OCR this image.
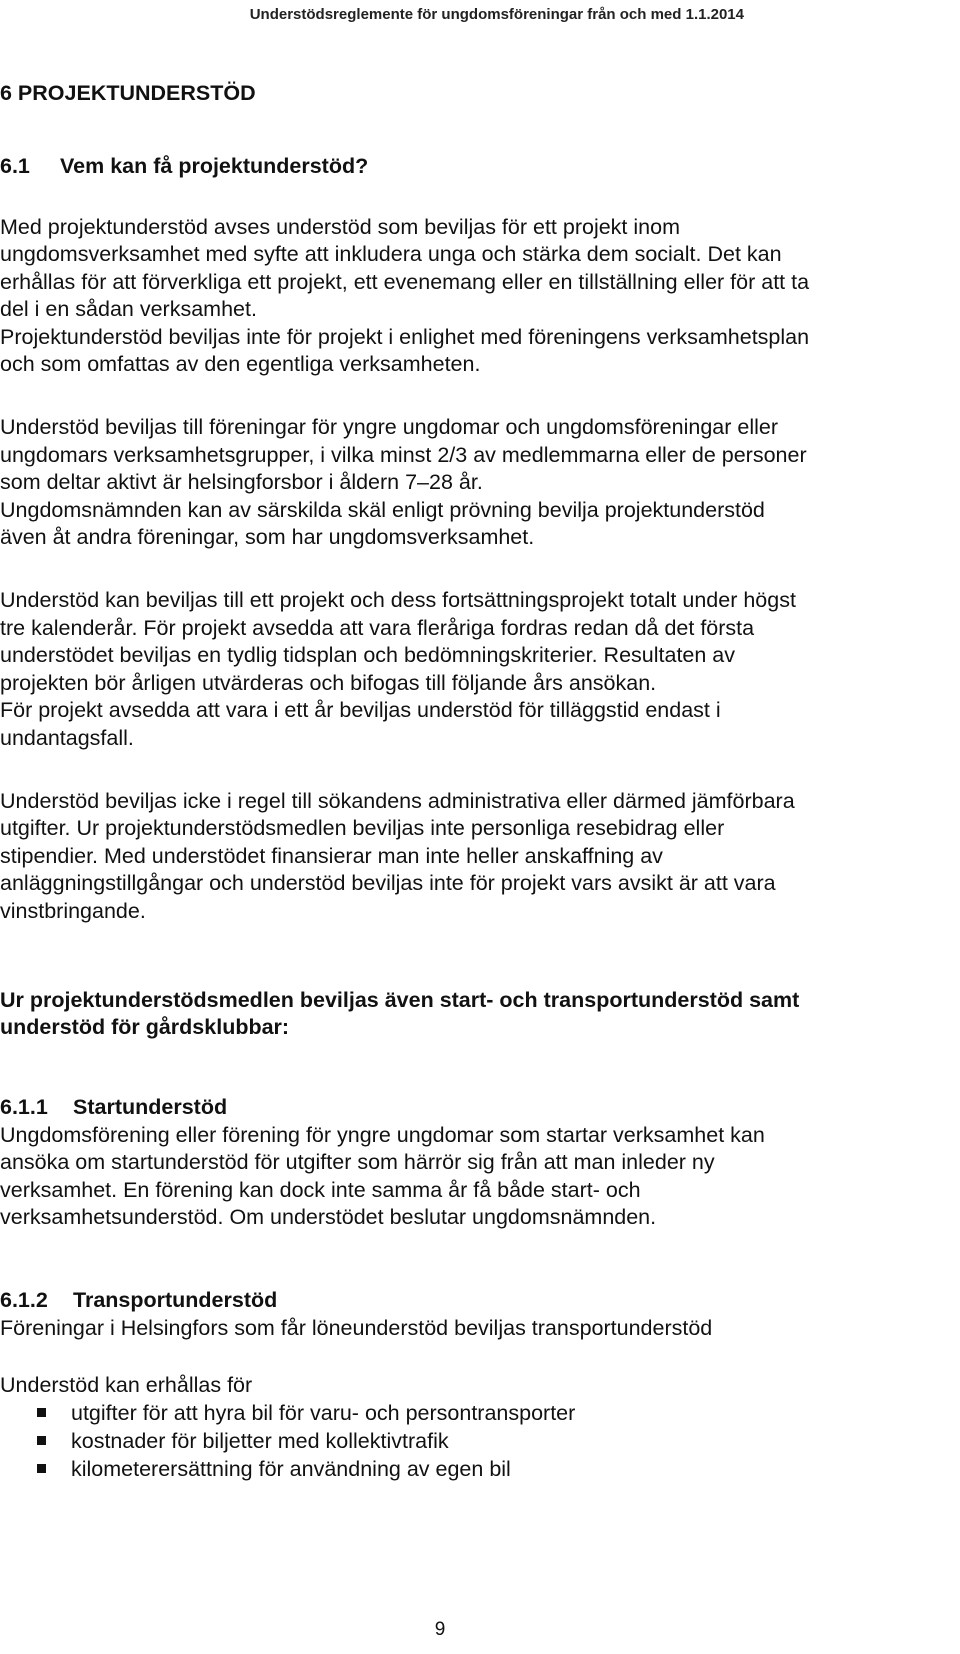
Understödsreglemente för ungdomsföreningar från och med 1.1.2014
6 PROJEKTUNDERSTÖD
6.1 Vem kan få projektunderstöd?

Med projektunderstöd avses understöd som beviljas för ett projekt inom

ungdomsverksamhet med syfte att inkludera unga och stärka dem socialt. Det kan

erhållas för att förverkliga ett projekt, ett evenemang eller en tillställning eller för att ta

del i en sådan verksamhet.

Projektunderstöd beviljas inte för projekt i enlighet med föreningens verksamhetsplan

och som omfattas av den egentliga verksamheten.

Understöd beviljas till föreningar för yngre ungdomar och ungdomsföreningar eller

ungdomars verksamhetsgrupper, i vilka minst 2/3 av medlemmarna eller de personer

som deltar aktivt är helsingforsbor i åldern 7–28 år.

Ungdomsnämnden kan av särskilda skäl enligt prövning bevilja projektunderstöd

även åt andra föreningar, som har ungdomsverksamhet.

Understöd kan beviljas till ett projekt och dess fortsättningsprojekt totalt under högst

tre kalenderår. För projekt avsedda att vara fleråriga fordras redan då det första

understödet beviljas en tydlig tidsplan och bedömningskriterier. Resultaten av

projekten bör årligen utvärderas och bifogas till följande års ansökan.

För projekt avsedda att vara i ett år beviljas understöd för tilläggstid endast i

undantagsfall.

Understöd beviljas icke i regel till sökandens administrativa eller därmed jämförbara

utgifter. Ur projektunderstödsmedlen beviljas inte personliga resebidrag eller

stipendier. Med understödet finansierar man inte heller anskaffning av

anläggningstillgångar och understöd beviljas inte för projekt vars avsikt är att vara

vinstbringande.

Ur projektunderstödsmedlen beviljas även start- och transportunderstöd samt

understöd för gårdsklubbar:

6.1.1 Startunderstöd

Ungdomsförening eller förening för yngre ungdomar som startar verksamhet kan

ansöka om startunderstöd för utgifter som härrör sig från att man inleder ny

verksamhet. En förening kan dock inte samma år få både start- och

verksamhetsunderstöd. Om understödet beslutar ungdomsnämnden.

6.1.2 Transportunderstöd

Föreningar i Helsingfors som får löneunderstöd beviljas transportunderstöd

Understöd kan erhållas för

utgifter för att hyra bil för varu- och persontransporter
kostnader för biljetter med kollektivtrafik
kilometerersättning för användning av egen bil
9
